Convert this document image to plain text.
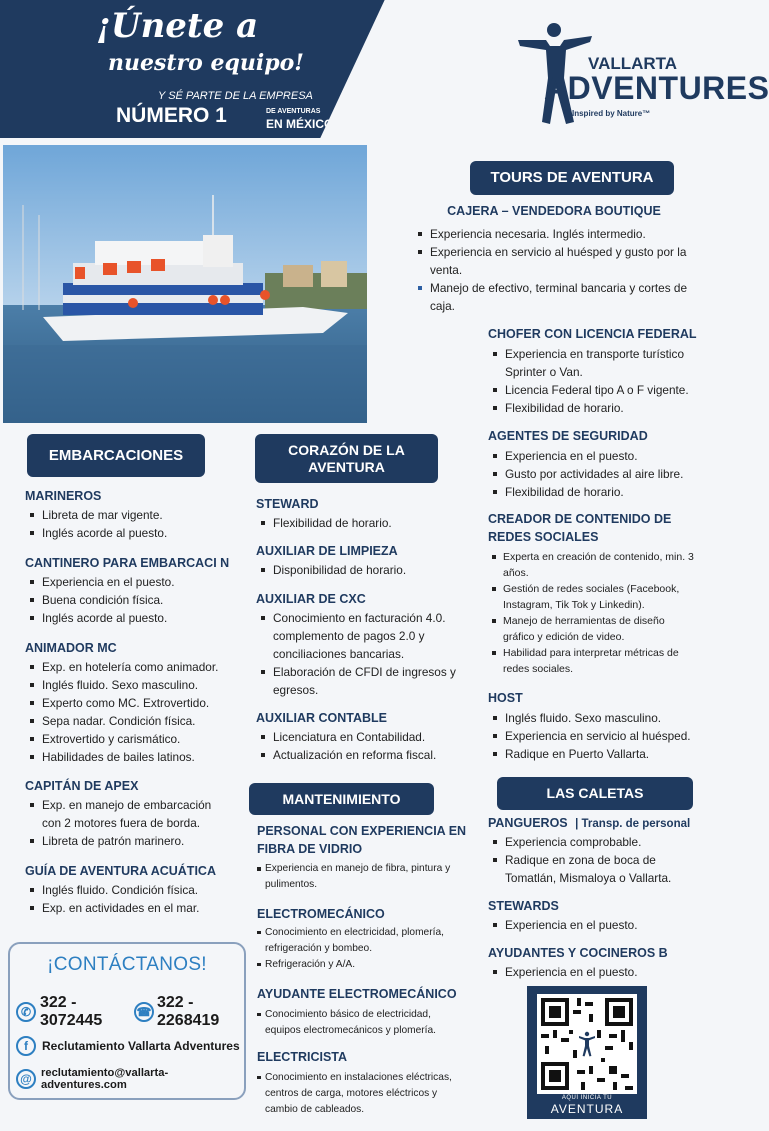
¡Únete a
nuestro equipo!
Y SÉ PARTE DE LA EMPRESA
NÚMERO 1	DE AVENTURAS
EN MÉXICO
VALLARTA
ADVENTURES
Inspired by Nature™
TOURS DE AVENTURA
CAJERA – VENDEDORA BOUTIQUE
Experiencia necesaria. Inglés intermedio.
Experiencia en servicio al huésped y gusto por la venta.
Manejo de efectivo, terminal bancaria y cortes de caja.
CHOFER CON LICENCIA FEDERAL
Experiencia en transporte turístico Sprinter o Van.
Licencia Federal tipo A o F vigente.
Flexibilidad de horario.
AGENTES DE SEGURIDAD
Experiencia en el puesto.
Gusto por actividades al aire libre.
Flexibilidad de horario.
CREADOR DE CONTENIDO DE
REDES SOCIALES
Experta en creación de contenido, min. 3 años.
Gestión de redes sociales (Facebook, Instagram, Tik Tok y Linkedin).
Manejo de herramientas de diseño gráfico y edición de video.
Habilidad para interpretar métricas de redes sociales.
HOST
Inglés fluido. Sexo masculino.
Experiencia en servicio al huésped.
Radique en Puerto Vallarta.
EMBARCACIONES
MARINEROS
Libreta de mar vigente.
Inglés acorde al puesto.
CANTINERO PARA EMBARCACI N
Experiencia en el puesto.
Buena condición física.
Inglés acorde al puesto.
ANIMADOR MC
Exp. en hotelería como animador.
Inglés fluido. Sexo masculino.
Experto como MC. Extrovertido.
Sepa nadar. Condición física.
Extrovertido y carismático.
Habilidades de bailes latinos.
CAPITÁN DE APEX
Exp. en manejo de embarcación con 2 motores fuera de borda.
Libreta de patrón marinero.
GUÍA DE AVENTURA ACUÁTICA
Inglés fluido. Condición física.
Exp. en actividades en el mar.
CORAZÓN DE LA
AVENTURA
STEWARD
Flexibilidad de horario.
AUXILIAR DE LIMPIEZA
Disponibilidad de horario.
AUXILIAR DE CXC
Conocimiento en facturación 4.0. complemento de pagos 2.0 y conciliaciones bancarias.
Elaboración de CFDI de ingresos y egresos.
AUXILIAR CONTABLE
Licenciatura en Contabilidad.
Actualización en reforma fiscal.
MANTENIMIENTO
PERSONAL CON EXPERIENCIA EN
FIBRA DE VIDRIO
Experiencia en manejo de fibra, pintura y pulimentos.
ELECTROMECÁNICO
Conocimiento en electricidad, plomería, refrigeración y bombeo.
Refrigeración y A/A.
AYUDANTE ELECTROMECÁNICO
Conocimiento básico de electricidad, equipos electromecánicos y plomería.
ELECTRICISTA
Conocimiento en instalaciones eléctricas, centros de carga, motores eléctricos y cambio de cableados.
LAS CALETAS
PANGUEROS | Transp. de personal
Experiencia comprobable.
Radique en zona de boca de Tomatlán, Mismaloya o Vallarta.
STEWARDS
Experiencia en el puesto.
AYUDANTES Y COCINEROS B
Experiencia en el puesto.
¡CONTÁCTANOS!
✆
322 - 3072445	☎
322 - 2268419
f	Reclutamiento Vallarta Adventures
@ reclutamiento@vallarta-adventures.com
AQUÍ INICIA TU
AVENTURA
